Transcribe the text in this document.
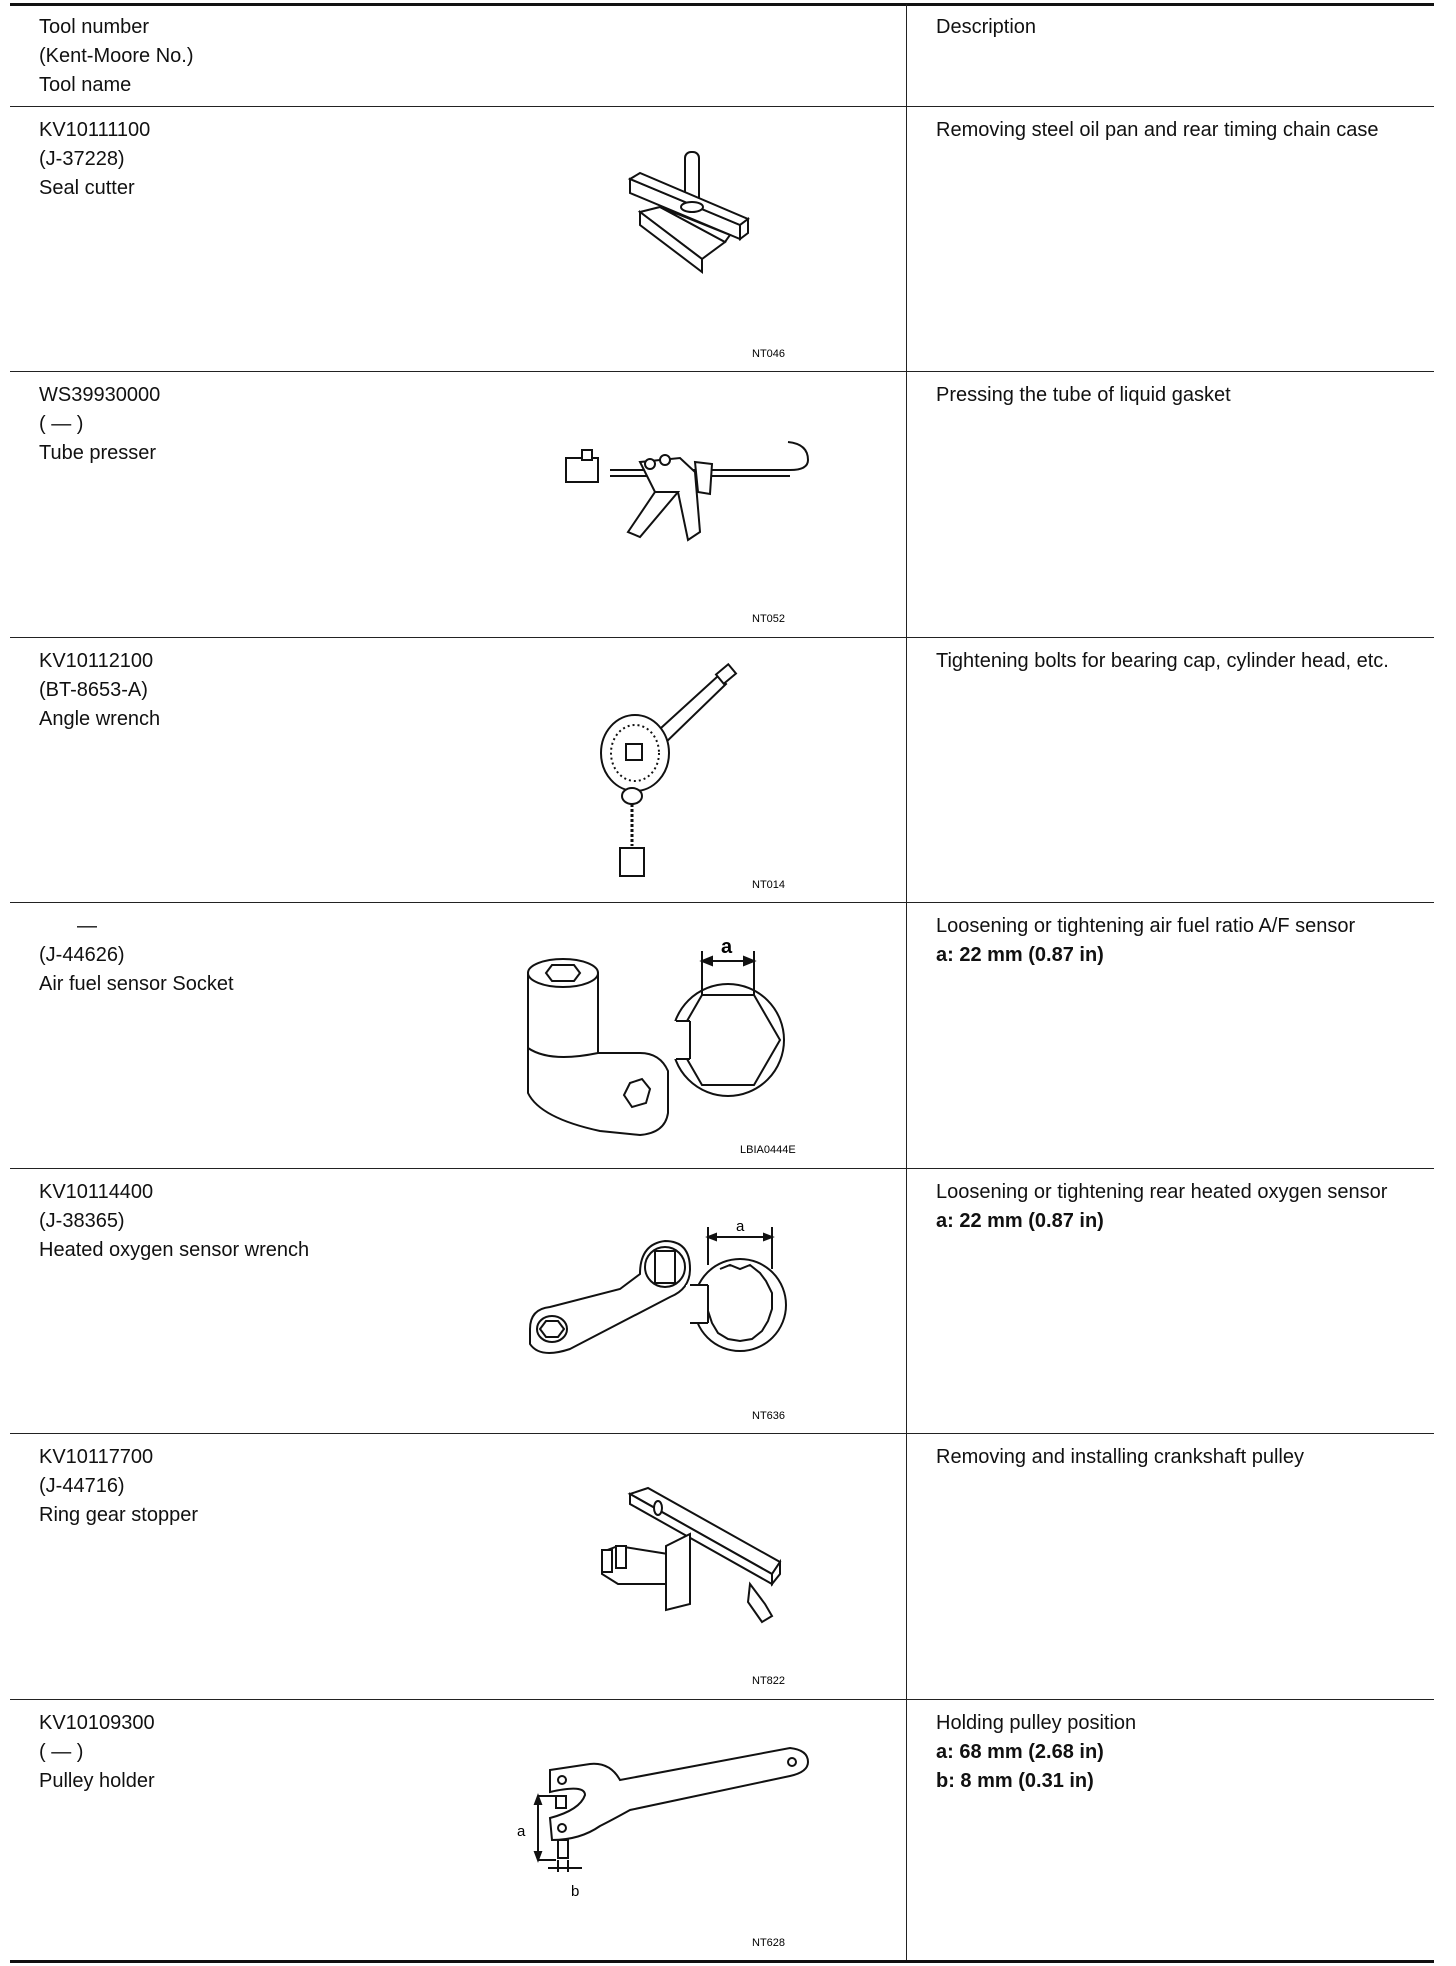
Tool number
(Kent-Moore No.)
Tool name
Description
KV10111100
(J-37228)
Seal cutter
NT046
Removing steel oil pan and rear timing chain case
WS39930000
( — )
Tube presser
NT052
Pressing the tube of liquid gasket
KV10112100
(BT-8653-A)
Angle wrench
NT014
Tightening bolts for bearing cap, cylinder head, etc.
—
(J-44626)
Air fuel sensor Socket
a
LBIA0444E
Loosening or tightening air fuel ratio A/F sensor
a: 22 mm (0.87 in)
KV10114400
(J-38365)
Heated oxygen sensor wrench
a
NT636
Loosening or tightening rear heated oxygen sensor
a: 22 mm (0.87 in)
KV10117700
(J-44716)
Ring gear stopper
NT822
Removing and installing crankshaft pulley
KV10109300
( — )
Pulley holder
a
b
NT628
Holding pulley position
a: 68 mm (2.68 in)
b: 8 mm (0.31 in)
